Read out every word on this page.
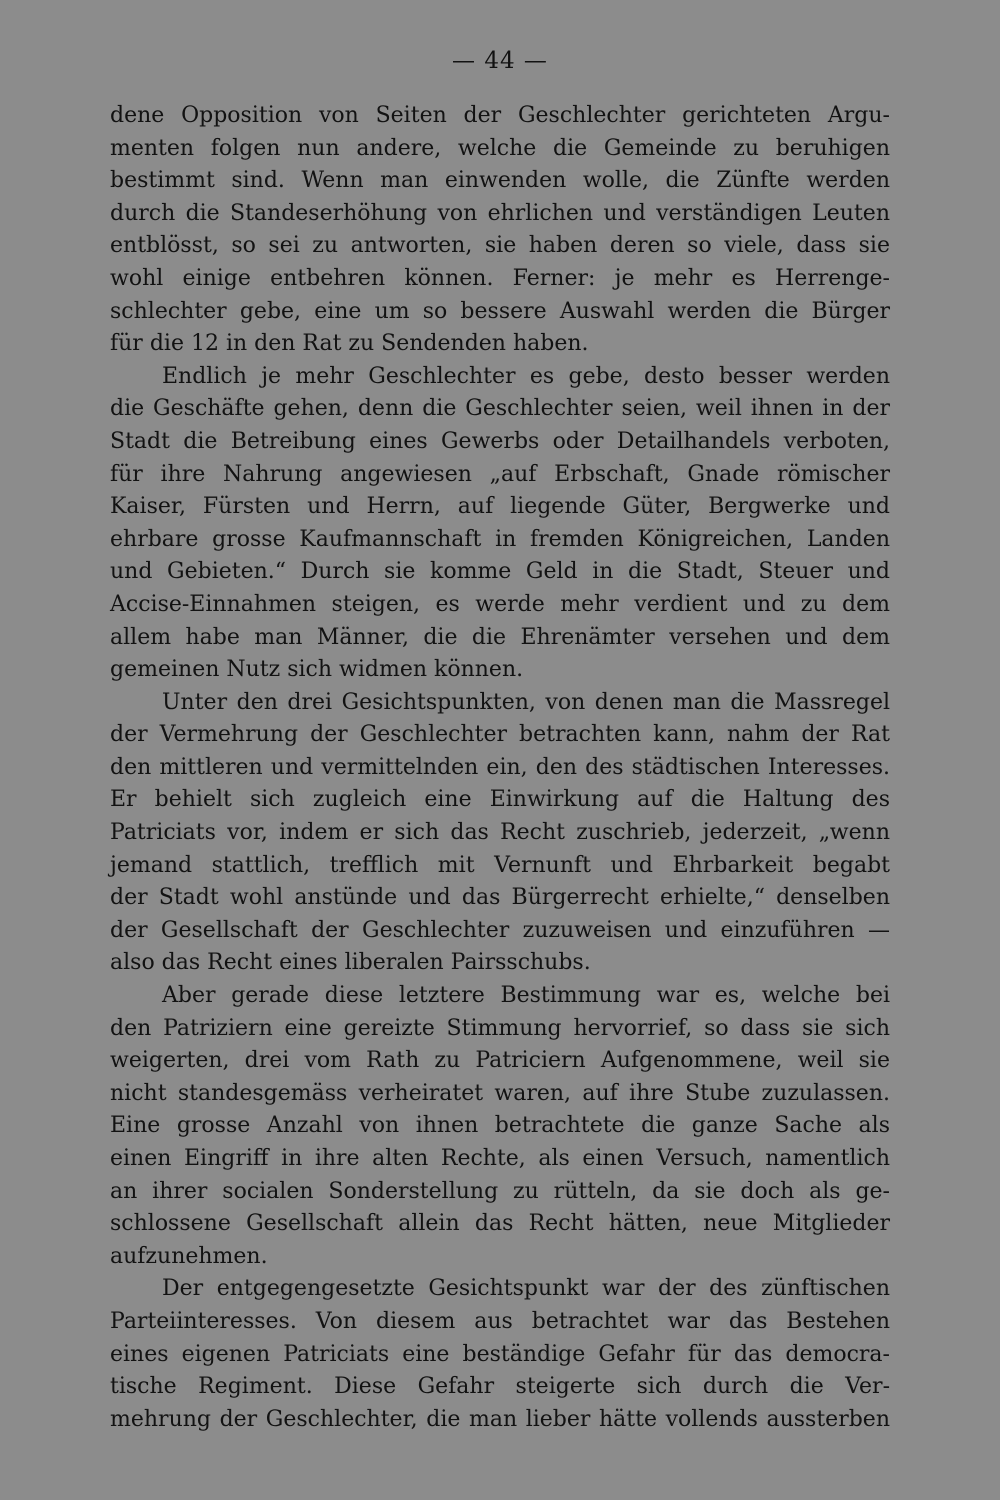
— 44 —
dene Opposition von Seiten der Geschlechter gerichteten Argu-
menten folgen nun andere, welche die Gemeinde zu beruhigen
bestimmt sind. Wenn man einwenden wolle, die Zünfte werden
durch die Standeserhöhung von ehrlichen und verständigen Leuten
entblösst, so sei zu antworten, sie haben deren so viele, dass sie
wohl einige entbehren können. Ferner: je mehr es Herrenge-
schlechter gebe, eine um so bessere Auswahl werden die Bürger
für die 12 in den Rat zu Sendenden haben.
Endlich je mehr Geschlechter es gebe, desto besser werden
die Geschäfte gehen, denn die Geschlechter seien, weil ihnen in der
Stadt die Betreibung eines Gewerbs oder Detailhandels verboten,
für ihre Nahrung angewiesen „auf Erbschaft, Gnade römischer
Kaiser, Fürsten und Herrn, auf liegende Güter, Bergwerke und
ehrbare grosse Kaufmannschaft in fremden Königreichen, Landen
und Gebieten.“ Durch sie komme Geld in die Stadt, Steuer und
Accise-Einnahmen steigen, es werde mehr verdient und zu dem
allem habe man Männer, die die Ehrenämter versehen und dem
gemeinen Nutz sich widmen können.
Unter den drei Gesichtspunkten, von denen man die Massregel
der Vermehrung der Geschlechter betrachten kann, nahm der Rat
den mittleren und vermittelnden ein, den des städtischen Interesses.
Er behielt sich zugleich eine Einwirkung auf die Haltung des
Patriciats vor, indem er sich das Recht zuschrieb, jederzeit, „wenn
jemand stattlich, trefflich mit Vernunft und Ehrbarkeit begabt
der Stadt wohl anstünde und das Bürgerrecht erhielte,“ denselben
der Gesellschaft der Geschlechter zuzuweisen und einzuführen —
also das Recht eines liberalen Pairsschubs.
Aber gerade diese letztere Bestimmung war es, welche bei
den Patriziern eine gereizte Stimmung hervorrief, so dass sie sich
weigerten, drei vom Rath zu Patriciern Aufgenommene, weil sie
nicht standesgemäss verheiratet waren, auf ihre Stube zuzulassen.
Eine grosse Anzahl von ihnen betrachtete die ganze Sache als
einen Eingriff in ihre alten Rechte, als einen Versuch, namentlich
an ihrer socialen Sonderstellung zu rütteln, da sie doch als ge-
schlossene Gesellschaft allein das Recht hätten, neue Mitglieder
aufzunehmen.
Der entgegengesetzte Gesichtspunkt war der des zünftischen
Parteiinteresses. Von diesem aus betrachtet war das Bestehen
eines eigenen Patriciats eine beständige Gefahr für das democra-
tische Regiment. Diese Gefahr steigerte sich durch die Ver-
mehrung der Geschlechter, die man lieber hätte vollends aussterben
